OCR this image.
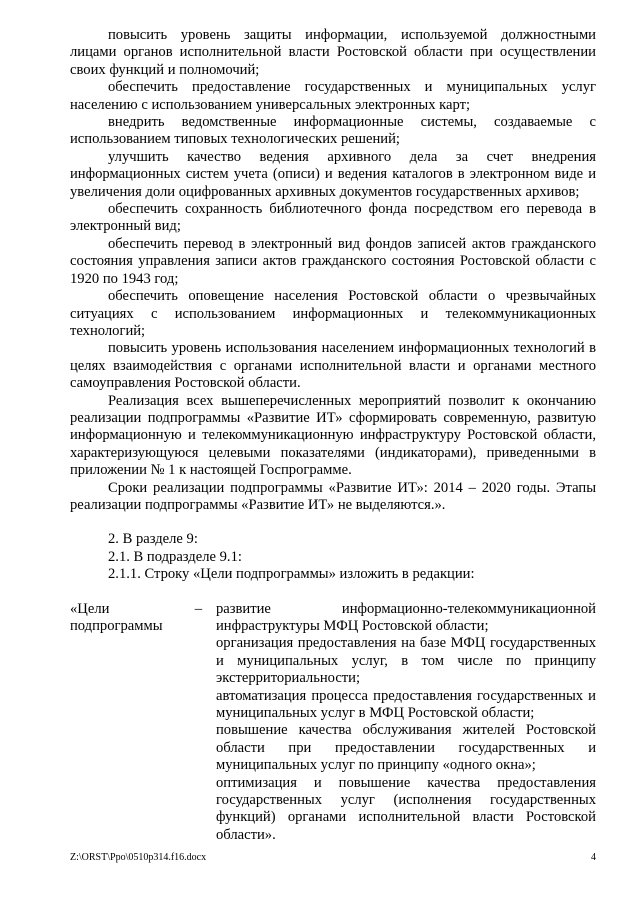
повысить уровень защиты информации, используемой должностными лицами органов исполнительной власти Ростовской области при осуществлении своих функций и полномочий;

обеспечить предоставление государственных и муниципальных услуг населению с использованием универсальных электронных карт;

внедрить ведомственные информационные системы, создаваемые с использованием типовых технологических решений;

улучшить качество ведения архивного дела за счет внедрения информационных систем учета (описи) и ведения каталогов в электронном виде и увеличения доли оцифрованных архивных документов государственных архивов;

обеспечить сохранность библиотечного фонда посредством его перевода в электронный вид;

обеспечить перевод в электронный вид фондов записей актов гражданского состояния управления записи актов гражданского состояния Ростовской области с 1920 по 1943 год;

обеспечить оповещение населения Ростовской области о чрезвычайных ситуациях с использованием информационных и телекоммуникационных технологий;

повысить уровень использования населением информационных технологий в целях взаимодействия с органами исполнительной власти и органами местного самоуправления Ростовской области.

Реализация всех вышеперечисленных мероприятий позволит к окончанию реализации подпрограммы «Развитие ИТ» сформировать современную, развитую информационную и телекоммуникационную инфраструктуру Ростовской области, характеризующуюся целевыми показателями (индикаторами), приведенными в приложении № 1 к настоящей Госпрограмме.

Сроки реализации подпрограммы «Развитие ИТ»: 2014 – 2020 годы. Этапы реализации подпрограммы «Развитие ИТ» не выделяются.».

2. В разделе 9:

2.1. В подразделе 9.1:

2.1.1. Строку «Цели подпрограммы» изложить в редакции:

«Цели подпрограммы
– развитие информационно-телекоммуникационной инфраструктуры МФЦ Ростовской области;

организация предоставления на базе МФЦ государственных и муниципальных услуг, в том числе по принципу экстерриториальности;

автоматизация процесса предоставления государственных и муниципальных услуг в МФЦ Ростовской области;

повышение качества обслуживания жителей Ростовской области при предоставлении государственных и муниципальных услуг по принципу «одного окна»;

оптимизация и повышение качества предоставления государственных услуг (исполнения государственных функций) органами исполнительной власти Ростовской области».

Z:\ORST\Ppo\0510p314.f16.docx	4
